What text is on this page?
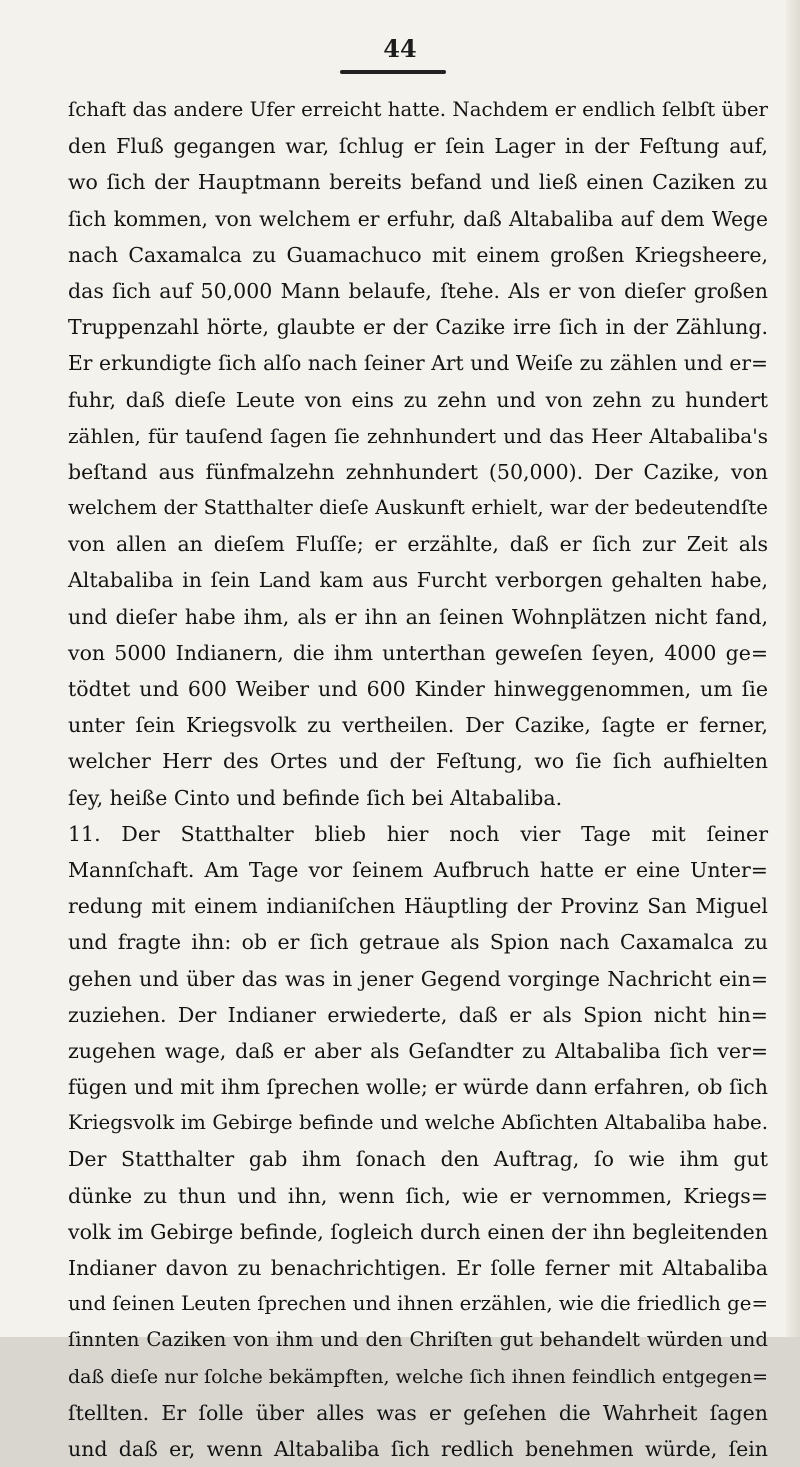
44
ſchaft das andere Ufer erreicht hatte. Nachdem er endlich ſelbſt über
den Fluß gegangen war, ſchlug er ſein Lager in der Feſtung auf,
wo ſich der Hauptmann bereits befand und ließ einen Caziken zu
ſich kommen, von welchem er erfuhr, daß Altabaliba auf dem Wege
nach Caxamalca zu Guamachuco mit einem großen Kriegsheere,
das ſich auf 50,000 Mann belaufe, ſtehe. Als er von dieſer großen
Truppenzahl hörte, glaubte er der Cazike irre ſich in der Zählung.
Er erkundigte ſich alſo nach ſeiner Art und Weiſe zu zählen und er=
fuhr, daß dieſe Leute von eins zu zehn und von zehn zu hundert
zählen, für tauſend ſagen ſie zehnhundert und das Heer Altabaliba's
beſtand aus fünfmalzehn zehnhundert (50,000). Der Cazike, von
welchem der Statthalter dieſe Auskunft erhielt, war der bedeutendſte
von allen an dieſem Fluſſe; er erzählte, daß er ſich zur Zeit als
Altabaliba in ſein Land kam aus Furcht verborgen gehalten habe,
und dieſer habe ihm, als er ihn an ſeinen Wohnplätzen nicht fand,
von 5000 Indianern, die ihm unterthan geweſen ſeyen, 4000 ge=
tödtet und 600 Weiber und 600 Kinder hinweggenommen, um ſie
unter ſein Kriegsvolk zu vertheilen. Der Cazike, ſagte er ferner,
welcher Herr des Ortes und der Feſtung, wo ſie ſich aufhielten
ſey, heiße Cinto und befinde ſich bei Altabaliba.
11. Der Statthalter blieb hier noch vier Tage mit ſeiner
Mannſchaft. Am Tage vor ſeinem Aufbruch hatte er eine Unter=
redung mit einem indianiſchen Häuptling der Provinz San Miguel
und fragte ihn: ob er ſich getraue als Spion nach Caxamalca zu
gehen und über das was in jener Gegend vorginge Nachricht ein=
zuziehen. Der Indianer erwiederte, daß er als Spion nicht hin=
zugehen wage, daß er aber als Geſandter zu Altabaliba ſich ver=
fügen und mit ihm ſprechen wolle; er würde dann erfahren, ob ſich
Kriegsvolk im Gebirge befinde und welche Abſichten Altabaliba habe.
Der Statthalter gab ihm ſonach den Auftrag, ſo wie ihm gut
dünke zu thun und ihn, wenn ſich, wie er vernommen, Kriegs=
volk im Gebirge befinde, ſogleich durch einen der ihn begleitenden
Indianer davon zu benachrichtigen. Er ſolle ferner mit Altabaliba
und ſeinen Leuten ſprechen und ihnen erzählen, wie die friedlich ge=
ſinnten Caziken von ihm und den Chriſten gut behandelt würden und
daß dieſe nur ſolche bekämpften, welche ſich ihnen feindlich entgegen=
ſtellten. Er ſolle über alles was er geſehen die Wahrheit ſagen
und daß er, wenn Altabaliba ſich redlich benehmen würde, ſein
